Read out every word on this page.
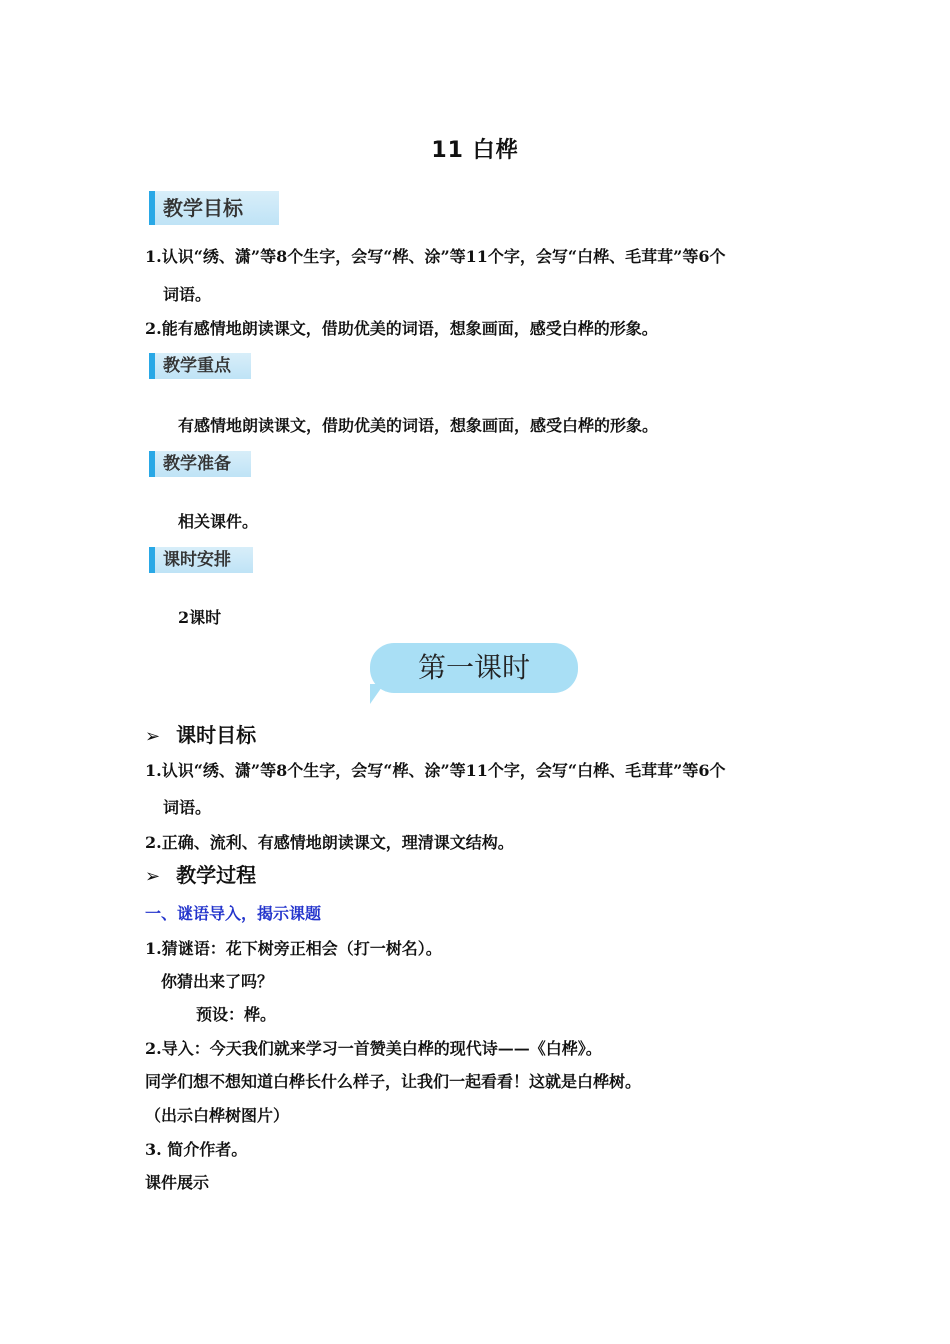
11 白桦
教学目标
1.认识“绣、潇”等8个生字，会写“桦、涂”等11个字，会写“白桦、毛茸茸”等6个
词语。
2.能有感情地朗读课文，借助优美的词语，想象画面，感受白桦的形象。
教学重点
有感情地朗读课文，借助优美的词语，想象画面，感受白桦的形象。
教学准备
相关课件。
课时安排
2课时
第一课时
➢ 课时目标
1.认识“绣、潇”等8个生字，会写“桦、涂”等11个字，会写“白桦、毛茸茸”等6个
词语。
2.正确、流利、有感情地朗读课文，理清课文结构。
➢ 教学过程
一、谜语导入，揭示课题
1.猜谜语：花下树旁正相会（打一树名）。
你猜出来了吗？
预设：桦。
2.导入：今天我们就来学习一首赞美白桦的现代诗——《白桦》。
同学们想不想知道白桦长什么样子，让我们一起看看！这就是白桦树。
（出示白桦树图片）
3. 简介作者。
课件展示
